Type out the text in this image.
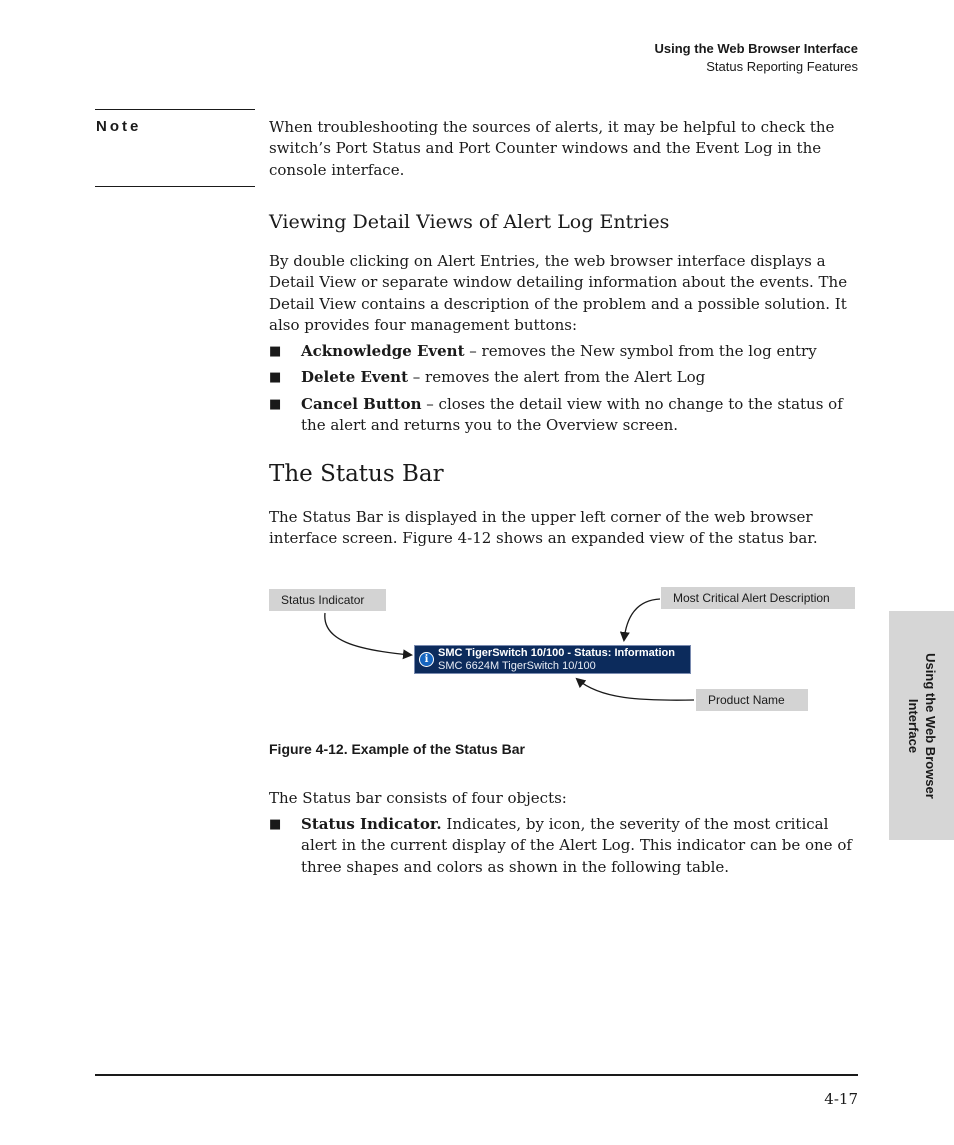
Using the Web Browser Interface
Status Reporting Features
Note	When troubleshooting the sources of alerts, it may be helpful to check the switch’s Port Status and Port Counter windows and the Event Log in the console interface.
Viewing Detail Views of Alert Log Entries
By double clicking on Alert Entries, the web browser interface displays a Detail View or separate window detailing information about the events. The Detail View contains a description of the problem and a possible solution. It also provides four management buttons:
■ Acknowledge Event – removes the New symbol from the log entry
■ Delete Event – removes the alert from the Alert Log
■ Cancel Button – closes the detail view with no change to the status of the alert and returns you to the Overview screen.
The Status Bar
The Status Bar is displayed in the upper left corner of the web browser interface screen. Figure 4-12 shows an expanded view of the status bar.
Status Indicator	Most Critical Alert Description
Product Name
i
SMC TigerSwitch 10/100 - Status: Information
SMC 6624M TigerSwitch 10/100
Figure 4-12. Example of the Status Bar
The Status bar consists of four objects:
■ Status Indicator. Indicates, by icon, the severity of the most critical alert in the current display of the Alert Log. This indicator can be one of three shapes and colors as shown in the following table.
Using the Web Browser
Interface
4-17
